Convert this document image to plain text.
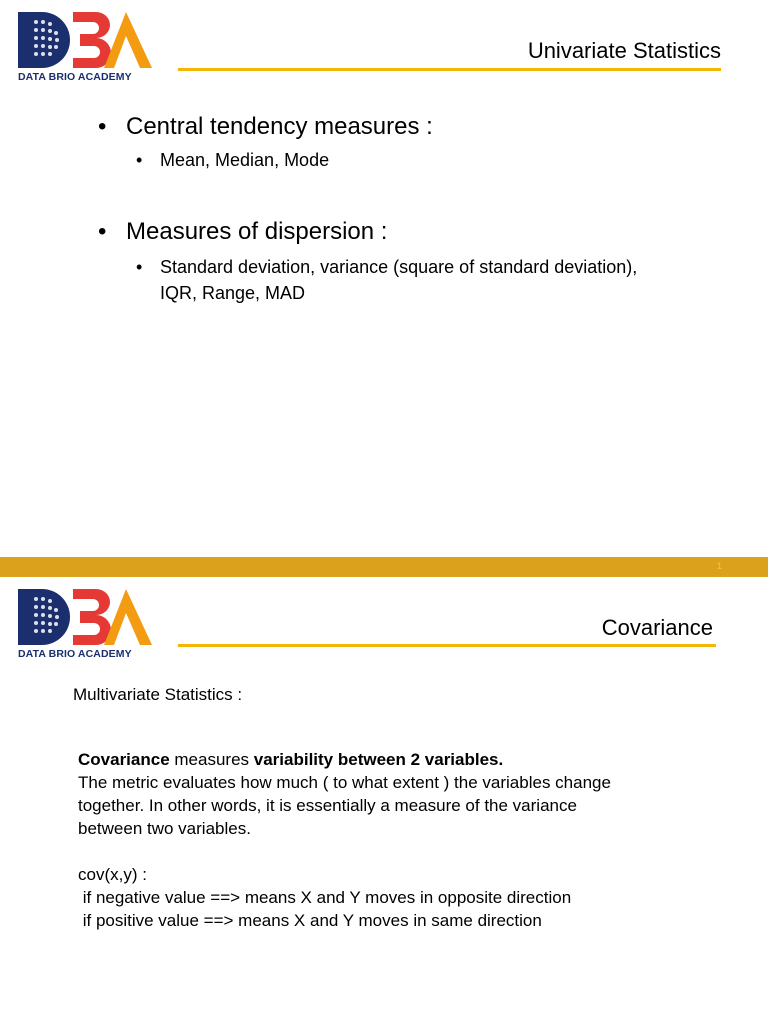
DATA BRIO ACADEMY
Univariate Statistics
• Central tendency measures :
• Mean, Median, Mode
• Measures of dispersion :
• Standard deviation, variance (square of standard deviation),
IQR, Range, MAD
1
DATA BRIO ACADEMY
Covariance
Multivariate Statistics :
Covariance measures variability between 2 variables.
The metric evaluates how much ( to what extent ) the variables change
together. In other words, it is essentially a measure of the variance
between two variables.
cov(x,y) :
if negative value ==> means X and Y moves in opposite direction
if positive value ==> means X and Y moves in same direction
